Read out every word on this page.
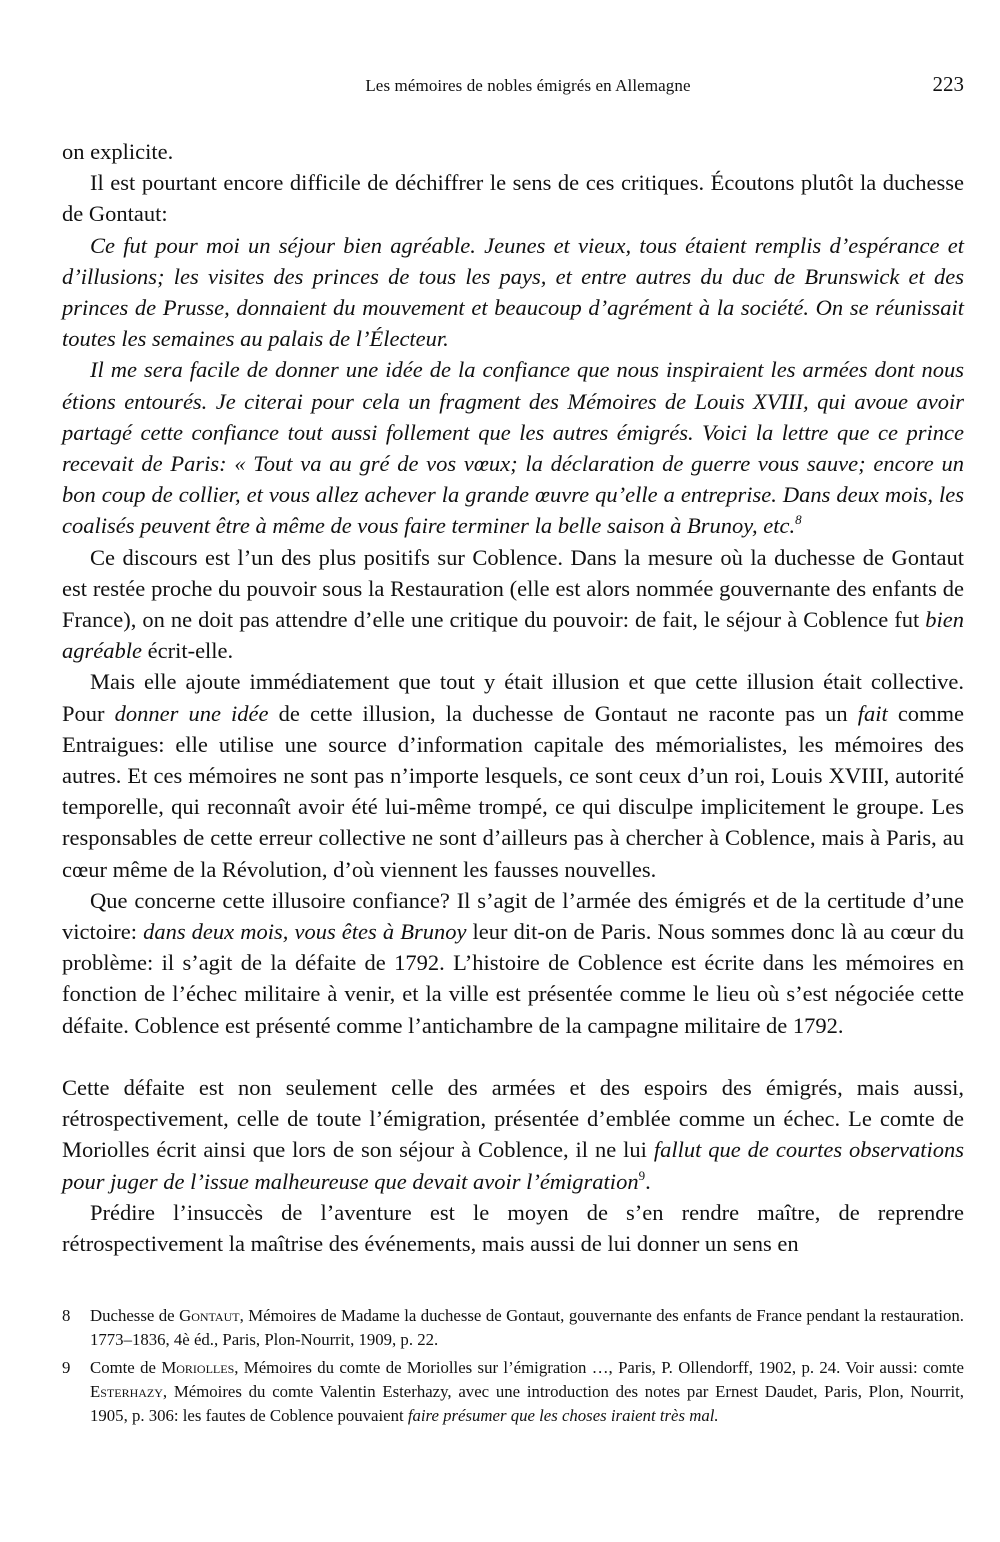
Les mémoires de nobles émigrés en Allemagne	223

on explicite.

Il est pourtant encore difficile de déchiffrer le sens de ces critiques. Écoutons plutôt la duchesse de Gontaut:

Ce fut pour moi un séjour bien agréable. Jeunes et vieux, tous étaient remplis d’espérance et d’illusions; les visites des princes de tous les pays, et entre autres du duc de Brunswick et des princes de Prusse, donnaient du mouvement et beaucoup d’agrément à la société. On se réunissait toutes les semaines au palais de l’Électeur.

Il me sera facile de donner une idée de la confiance que nous inspiraient les armées dont nous étions entourés. Je citerai pour cela un fragment des Mémoires de Louis XVIII, qui avoue avoir partagé cette confiance tout aussi follement que les autres émigrés. Voici la lettre que ce prince recevait de Paris: « Tout va au gré de vos vœux; la déclaration de guerre vous sauve; encore un bon coup de collier, et vous allez achever la grande œuvre qu’elle a entreprise. Dans deux mois, les coalisés peuvent être à même de vous faire terminer la belle saison à Brunoy, etc.$^8$

Ce discours est l’un des plus positifs sur Coblence. Dans la mesure où la duchesse de Gontaut est restée proche du pouvoir sous la Restauration (elle est alors nommée gouvernante des enfants de France), on ne doit pas attendre d’elle une critique du pouvoir: de fait, le séjour à Coblence fut bien agréable écrit-elle.

Mais elle ajoute immédiatement que tout y était illusion et que cette illusion était collective. Pour donner une idée de cette illusion, la duchesse de Gontaut ne raconte pas un fait comme Entraigues: elle utilise une source d’information capitale des mémorialistes, les mémoires des autres. Et ces mémoires ne sont pas n’importe lesquels, ce sont ceux d’un roi, Louis XVIII, autorité temporelle, qui reconnaît avoir été lui-même trompé, ce qui disculpe implicitement le groupe. Les responsables de cette erreur collective ne sont d’ailleurs pas à chercher à Coblence, mais à Paris, au cœur même de la Révolution, d’où viennent les fausses nouvelles.

Que concerne cette illusoire confiance? Il s’agit de l’armée des émigrés et de la certitude d’une victoire: dans deux mois, vous êtes à Brunoy leur dit-on de Paris. Nous sommes donc là au cœur du problème: il s’agit de la défaite de 1792. L’histoire de Coblence est écrite dans les mémoires en fonction de l’échec militaire à venir, et la ville est présentée comme le lieu où s’est négociée cette défaite. Coblence est présenté comme l’antichambre de la campagne militaire de 1792.

Cette défaite est non seulement celle des armées et des espoirs des émigrés, mais aussi, rétrospectivement, celle de toute l’émigration, présentée d’emblée comme un échec. Le comte de Moriolles écrit ainsi que lors de son séjour à Coblence, il ne lui fallut que de courtes observations pour juger de l’issue malheureuse que devait avoir l’émigration$^9$.

Prédire l’insuccès de l’aventure est le moyen de s’en rendre maître, de reprendre rétrospectivement la maîtrise des événements, mais aussi de lui donner un sens en

8	Duchesse de Gontaut, Mémoires de Madame la duchesse de Gontaut, gouvernante des enfants de France pendant la restauration. 1773–1836, 4è éd., Paris, Plon-Nourrit, 1909, p. 22.
9	Comte de Moriolles, Mémoires du comte de Moriolles sur l’émigration …, Paris, P. Ollendorff, 1902, p. 24. Voir aussi: comte Esterhazy, Mémoires du comte Valentin Esterhazy, avec une introduction des notes par Ernest Daudet, Paris, Plon, Nourrit, 1905, p. 306: les fautes de Coblence pouvaient faire présumer que les choses iraient très mal.
